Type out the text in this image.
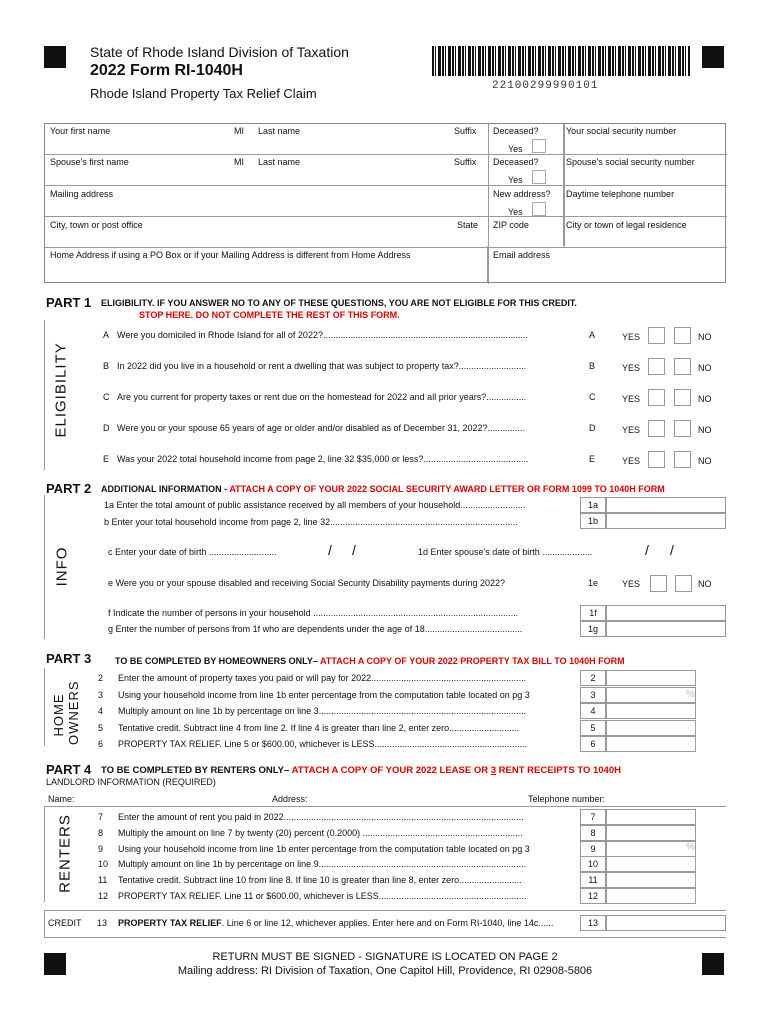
State of Rhode Island Division of Taxation
2022 Form RI-1040H
Rhode Island Property Tax Relief Claim	22100299990101
Your first name	MI Last name	Suffix Deceased?
Yes
Your social security number
Spouse's first name	MI Last name	Suffix Deceased?
Yes
Spouse's social security number
Mailing address	New address?
Yes
Daytime telephone number
City, town or post office	State ZIP code	City or town of legal residence
Home Address if using a PO Box or if your Mailing Address is different from Home Address	Email address
PART 1 ELIGIBILITY. IF YOU ANSWER NO TO ANY OF THESE QUESTIONS, YOU ARE NOT ELIGIBLE FOR THIS CREDIT.
STOP HERE. DO NOT COMPLETE THE REST OF THIS FORM.
ELIGIBILITY
A Were you domiciled in Rhode Island for all of 2022?..................................................................................	A	YES	NO
B In 2022 did you live in a household or rent a dwelling that was subject to property tax?...........................	B	YES	NO
C Are you current for property taxes or rent due on the homestead for 2022 and all prior years?................	C	YES	NO
D Were you or your spouse 65 years of age or older and/or disabled as of December 31, 2022?...............	D	YES	NO
E Was your 2022 total household income from page 2, line 32 $35,000 or less?..........................................	E	YES	NO
PART 2 ADDITIONAL INFORMATION - ATTACH A COPY OF YOUR 2022 SOCIAL SECURITY AWARD LETTER OR FORM 1099 TO 1040H FORM
INFO
1a Enter the total amount of public assistance received by all members of your household..........................	1a
b Enter your total household income from page 2, line 32...........................................................................	1b
c Enter your date of birth ...........................	/ /	1d Enter spouse's date of birth ....................	/ /
e Were you or your spouse disabled and receiving Social Security Disability payments during 2022?	1e	YES	NO
f Indicate the number of persons in your household ..................................................................................	1f
g Enter the number of persons from 1f who are dependents under the age of 18.......................................	1g
PART 3	TO BE COMPLETED BY HOMEOWNERS ONLY– ATTACH A COPY OF YOUR 2022 PROPERTY TAX BILL TO 1040H FORM
HOME
OWNERS
2 Enter the amount of property taxes you paid or will pay for 2022..............................................................	2
3 Using your household income from line 1b enter percentage from the computation table located on pg 3	3
4 Multiply amount on line 1b by percentage on line 3...................................................................................	4
5 Tentative credit. Subtract line 4 from line 2. If line 4 is greater than line 2, enter zero............................	5
6 PROPERTY TAX RELIEF. Line 5 or $600.00, whichever is LESS.............................................................	6
%
PART 4 TO BE COMPLETED BY RENTERS ONLY– ATTACH A COPY OF YOUR 2022 LEASE OR 3 RENT RECEIPTS TO 1040H
LANDLORD INFORMATION (REQUIRED)
Name:	Address:	Telephone number:
RENTERS	7 Enter the amount of rent you paid in 2022................................................................................................	7
8 Multiply the amount on line 7 by twenty (20) percent (0.2000) ................................................................	8
9 Using your household income from line 1b enter percentage from the computation table located on pg 3	9
10 Multiply amount on line 1b by percentage on line 9...................................................................................	10
11 Tentative credit. Subtract line 10 from line 8. If line 10 is greater than line 8, enter zero.........................	11
12 PROPERTY TAX RELIEF. Line 11 or $600.00, whichever is LESS...........................................................	12
%
CREDIT 13 PROPERTY TAX RELIEF. Line 6 or line 12, whichever applies. Enter here and on Form RI-1040, line 14c......	13
RETURN MUST BE SIGNED - SIGNATURE IS LOCATED ON PAGE 2
Mailing address: RI Division of Taxation, One Capitol Hill, Providence, RI 02908-5806
